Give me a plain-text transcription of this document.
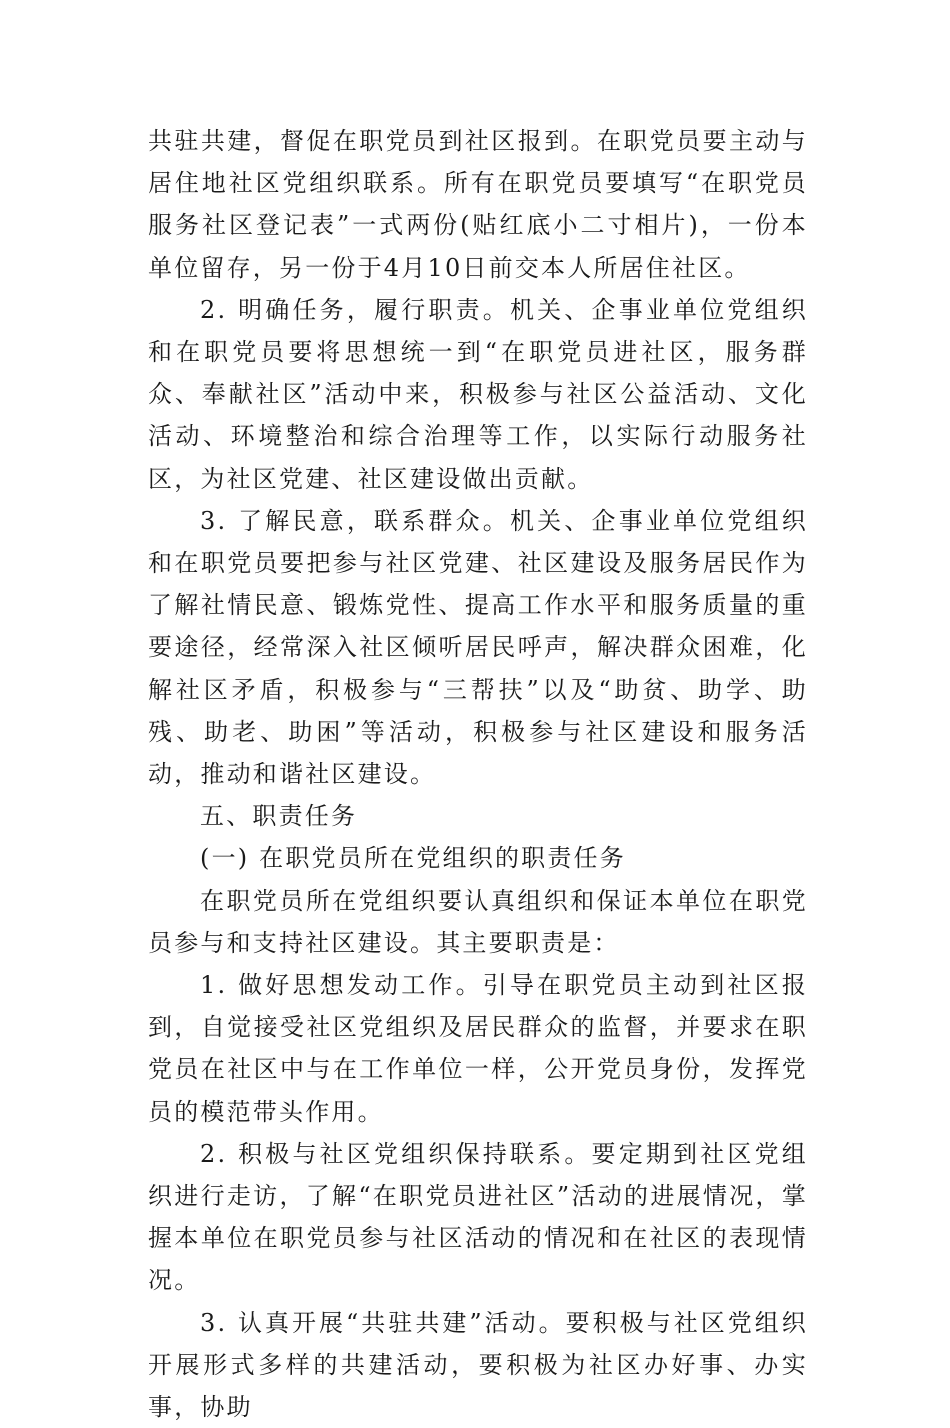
共驻共建，督促在职党员到社区报到。在职党员要主动与居住地社区党组织联系。所有在职党员要填写“在职党员服务社区登记表”一式两份(贴红底小二寸相片)，一份本单位留存，另一份于4月10日前交本人所居住社区。

2. 明确任务，履行职责。机关、企事业单位党组织和在职党员要将思想统一到“在职党员进社区，服务群众、奉献社区”活动中来，积极参与社区公益活动、文化活动、环境整治和综合治理等工作，以实际行动服务社区，为社区党建、社区建设做出贡献。

3. 了解民意，联系群众。机关、企事业单位党组织和在职党员要把参与社区党建、社区建设及服务居民作为了解社情民意、锻炼党性、提高工作水平和服务质量的重要途径，经常深入社区倾听居民呼声，解决群众困难，化解社区矛盾，积极参与“三帮扶”以及“助贫、助学、助残、助老、助困”等活动，积极参与社区建设和服务活动，推动和谐社区建设。

五、职责任务

(一) 在职党员所在党组织的职责任务

在职党员所在党组织要认真组织和保证本单位在职党员参与和支持社区建设。其主要职责是：

1. 做好思想发动工作。引导在职党员主动到社区报到，自觉接受社区党组织及居民群众的监督，并要求在职党员在社区中与在工作单位一样，公开党员身份，发挥党员的模范带头作用。

2. 积极与社区党组织保持联系。要定期到社区党组织进行走访，了解“在职党员进社区”活动的进展情况，掌握本单位在职党员参与社区活动的情况和在社区的表现情况。

3. 认真开展“共驻共建”活动。要积极与社区党组织开展形式多样的共建活动，要积极为社区办好事、办实事，协助
